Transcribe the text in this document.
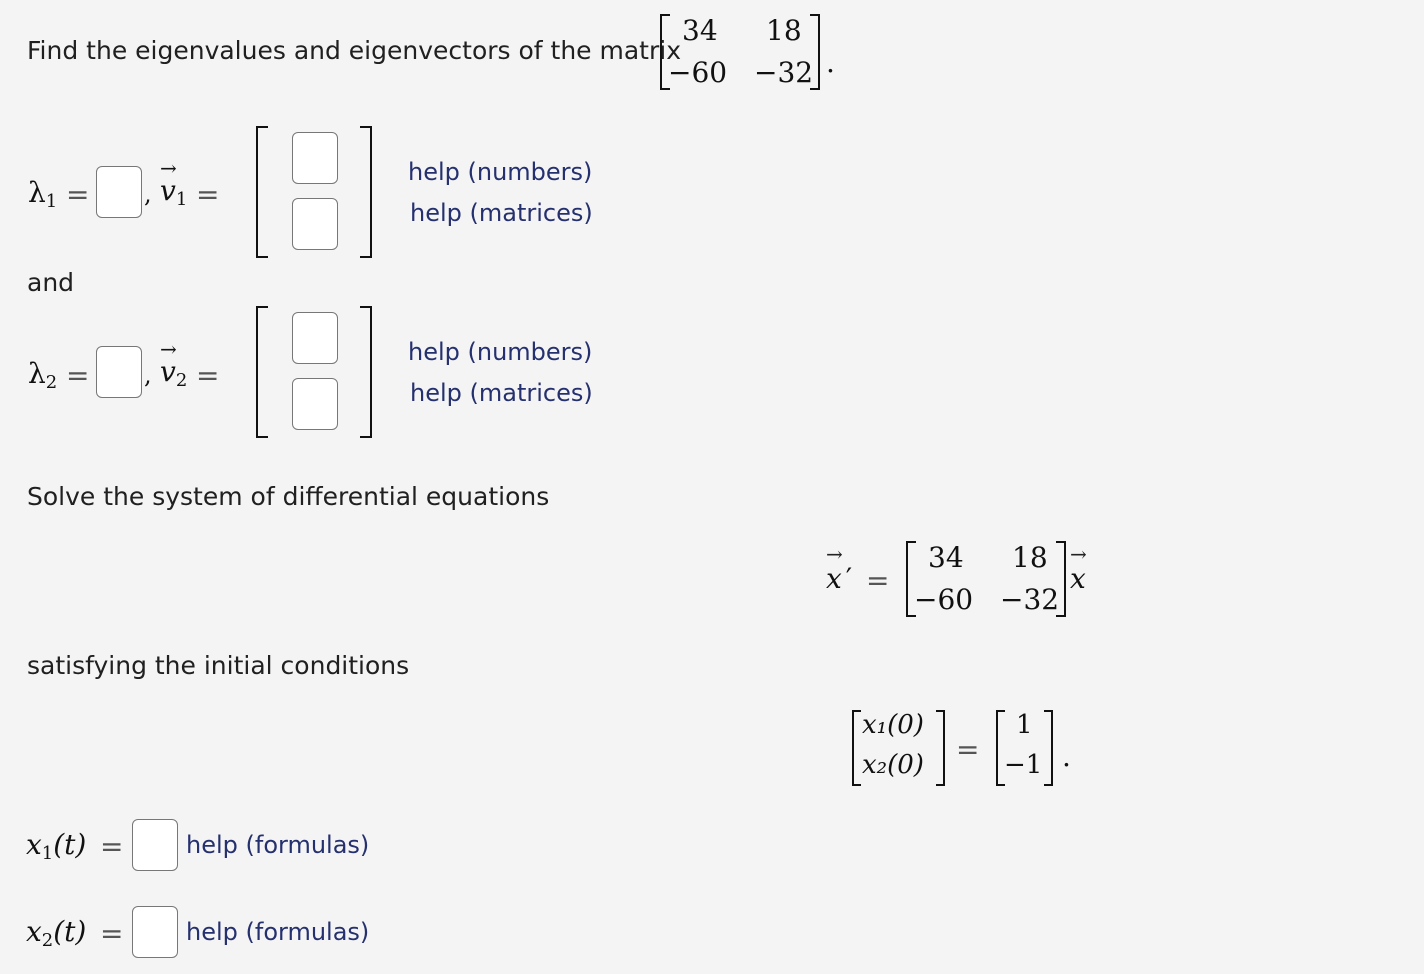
Find the eigenvalues and eigenvectors of the matrix
34 18
−60 −32 .
λ1 = ,
→
v1 =
help (numbers)
help (matrices)
and
λ2 = ,
→
v2 =
help (numbers)
help (matrices)
Solve the system of differential equations
→
x ′ =
34 18
−60 −32
→
x
satisfying the initial conditions
x₁(0)
x₂(0) =
1
−1 .
x1(t) =	help (formulas)
x2(t) =	help (formulas)
